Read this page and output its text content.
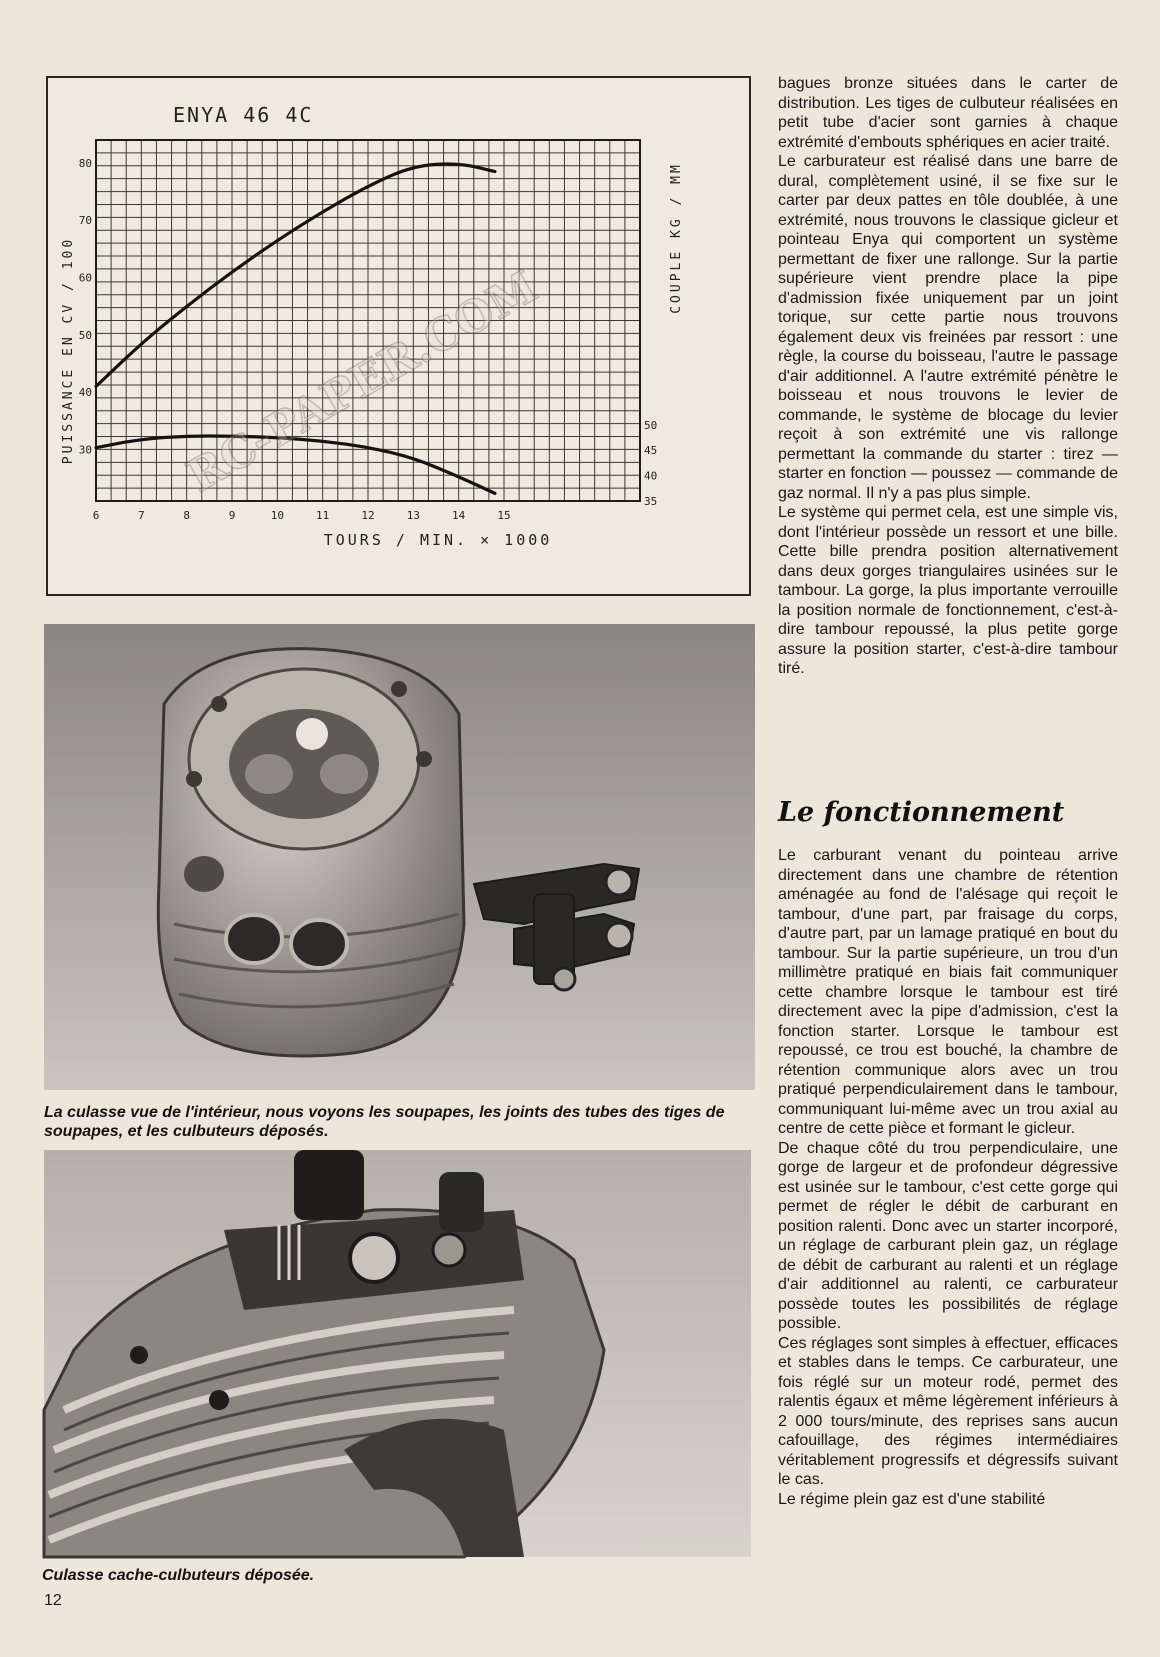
ENYA 46 4C
30
40
50
60
70
80
35
40
45
50
6	7	8	9	10	11	12	13	14	15
TOURS / MIN. × 1000
PUISSANCE EN CV / 100	COUPLE KG / MM
RC-PAPER.COM
La culasse vue de l'intérieur, nous voyons les soupapes, les joints des tubes des tiges de soupapes, et les culbuteurs déposés.
Culasse cache-culbuteurs déposée.
12

bagues bronze situées dans le carter de distribution. Les tiges de culbuteur réalisées en petit tube d'acier sont garnies à chaque extrémité d'embouts sphériques en acier traité.

Le carburateur est réalisé dans une barre de dural, complètement usiné, il se fixe sur le carter par deux pattes en tôle doublée, à une extrémité, nous trouvons le classique gicleur et pointeau Enya qui comportent un système permettant de fixer une rallonge. Sur la partie supérieure vient prendre place la pipe d'admission fixée uniquement par un joint torique, sur cette partie nous trouvons également deux vis freinées par ressort : une règle, la course du boisseau, l'autre le passage d'air additionnel. A l'autre extrémité pénètre le boisseau et nous trouvons le levier de commande, le système de blocage du levier reçoit à son extrémité une vis rallonge permettant la commande du starter : tirez — starter en fonction — poussez — commande de gaz normal. Il n'y a pas plus simple.

Le système qui permet cela, est une simple vis, dont l'intérieur possède un ressort et une bille. Cette bille prendra position alternativement dans deux gorges triangulaires usinées sur le tambour. La gorge, la plus importante verrouille la position normale de fonctionnement, c'est-à-dire tambour repoussé, la plus petite gorge assure la position starter, c'est-à-dire tambour tiré.

Le fonctionnement

Le carburant venant du pointeau arrive directement dans une chambre de rétention aménagée au fond de l'alésage qui reçoit le tambour, d'une part, par fraisage du corps, d'autre part, par un lamage pratiqué en bout du tambour. Sur la partie supérieure, un trou d'un millimètre pratiqué en biais fait communiquer cette chambre lorsque le tambour est tiré directement avec la pipe d'admission, c'est la fonction starter. Lorsque le tambour est repoussé, ce trou est bouché, la chambre de rétention communique alors avec un trou pratiqué perpendiculairement dans le tambour, communiquant lui-même avec un trou axial au centre de cette pièce et formant le gicleur.

De chaque côté du trou perpendiculaire, une gorge de largeur et de profondeur dégressive est usinée sur le tambour, c'est cette gorge qui permet de régler le débit de carburant en position ralenti. Donc avec un starter incorporé, un réglage de carburant plein gaz, un réglage de débit de carburant au ralenti et un réglage d'air additionnel au ralenti, ce carburateur possède toutes les possibilités de réglage possible.

Ces réglages sont simples à effectuer, efficaces et stables dans le temps. Ce carburateur, une fois réglé sur un moteur rodé, permet des ralentis égaux et même légèrement inférieurs à 2 000 tours/minute, des reprises sans aucun cafouillage, des régimes intermédiaires véritablement progressifs et dégressifs suivant le cas.

Le régime plein gaz est d'une stabilité
